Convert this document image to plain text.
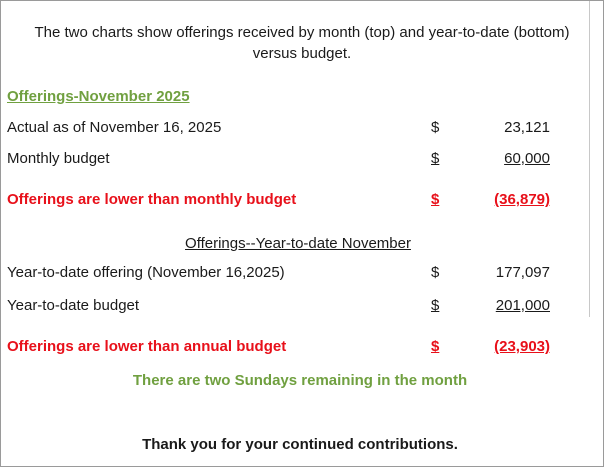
The two charts show offerings received by month (top) and year-to-date (bottom)
versus budget.
Offerings-November 2025
Actual as of November 16, 2025	$	23,121
Monthly budget	$	60,000
Offerings are lower than monthly budget	$	(36,879)
Offerings--Year-to-date November
Year-to-date offering (November 16,2025)	$	177,097
Year-to-date budget	$	201,000
Offerings are lower than annual budget	$	(23,903)
There are two Sundays remaining in the month
Thank you for your continued contributions.
